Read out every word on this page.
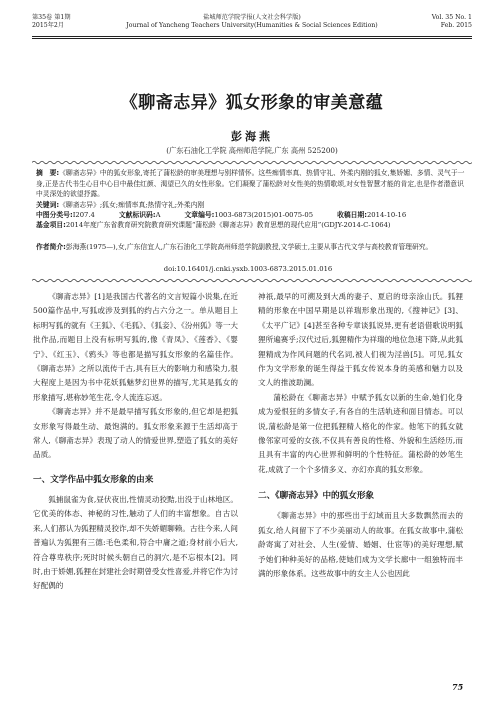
第35卷 第1期
2015年2月
盐城师范学院学报(人文社会科学版)
Journal of Yancheng Teachers University(Humanities & Social Sciences Edition)
Vol. 35 No. 1
Feb. 2015
《聊斋志异》狐女形象的审美意蕴
彭海燕
(广东石油化工学院 高州师范学院,广东 高州 525200)
摘　要:《聊斋志异》中的狐女形象,寄托了蒲松龄的审美理想与别样情怀。这些痴情率真、热情守礼、外柔内刚的狐女,集娇媚、多情、灵气于一身,正是古代书生心目中心目中最佳红颜、渴望已久的女性形象。它们凝聚了蒲松龄对女性美的热情歌颂,对女性智慧才能的肯定,也是作者潜意识中灵深处的欲望抒露。
关键词:《聊斋志异》;狐女;痴情率真;热情守礼;外柔内刚
中图分类号:I207.4	文献标识码:A	文章编号:1003-6873(2015)01-0075-05	收稿日期:2014-10-16
基金项目:2014年度广东省教育研究院教育研究课题“蒲松龄《聊斋志异》教育思想的现代应用”(GDJY-2014-C-1064)
作者简介:彭海燕(1975—),女,广东信宜人,广东石油化工学院高州师范学院副教授,文学硕士,主要从事古代文学与高校教育管理研究。
doi:10.16401/j.cnki.ysxb.1003-6873.2015.01.016

《聊斋志异》[1]是我国古代著名的文言短篇小说集,在近500篇作品中,写狐或涉及到狐的约占六分之一。单从题目上标明写狐的就有《王狐》、《毛狐》、《狐妾》、《汾州狐》等一大批作品,而题目上没有标明写狐的,像《青凤》、《莲香》、《婴宁》、《红玉》、《鸦头》等也都是描写狐女形象的名篇佳作。《聊斋志异》之所以流传千古,具有巨大的影响力和感染力,很大程度上是因为书中花妖狐魅梦幻世界的描写,尤其是狐女的形象描写,堪称妙笔生花,令人流连忘返。

《聊斋志异》并不是最早描写狐女形象的,但它却是把狐女形象写得最生动、最饱满的。狐女形象来源于生活却高于常人,《聊斋志异》表现了动人的情爱世界,塑造了狐女的美好品质。

一、文学作品中狐女形象的由来

狐捕鼠雀为食,昼伏夜出,性情灵动狡黠,出没于山林地区。它优美的体态、神秘的习性,触动了人们的丰富想象。自古以来,人们都认为狐狸精灵狡诈,却不失娇媚聊赖。古往今来,人间普遍认为狐狸有三德:毛色柔和,符合中庸之道;身材前小后大,符合尊卑秩序;死时时候头朝自己的洞穴,是不忘根本[2]。同时,由于娇媚,狐狸在封建社会时期曾受女性喜爱,并将它作为讨好配偶的

神祇,最早的可溯及到大禹的妻子、夏启的母亲涂山氏。狐狸精的形象在中国早期是以祥瑞形象出现的,《搜神记》[3]、《太平广记》[4]甚至各种专章谈狐说异,更有老语借歌说明狐狸所遍赛乎;汉代过后,狐狸精作为祥瑞的地位急速下降,从此狐狸精成为作风问题的代名词,被人们视为淫兽[5]。可见,狐女作为文学形象的诞生得益于狐女传说本身的美感和魅力以及文人的推波助澜。

蒲松龄在《聊斋志异》中赋予狐女以新的生命,她们化身成为爱恨狂的多情女子,有各自的生活轨迹和面目情态。可以说,蒲松龄是第一位把狐狸精人格化的作家。他笔下的狐女就像邻家可爱的女孩,不仅具有善良的性格、外貌和生活经历,而且具有丰富的内心世界和鲜明的个性特征。蒲松龄的妙笔生花,成就了一个个多情多义、亦幻亦真的狐女形象。

二、《聊斋志异》中的狐女形象

《聊斋志异》中的那些出于幻域而且大多数飘然而去的狐女,给人间留下了不少美丽动人的故事。在狐女故事中,蒲松龄寄寓了对社会、人生(爱情、婚姻、仕宦等)的美好理想,赋予她们种种美好的品格,使她们成为文学长廊中一组独特而丰满的形象体系。这些故事中的女主人公也因此

75
